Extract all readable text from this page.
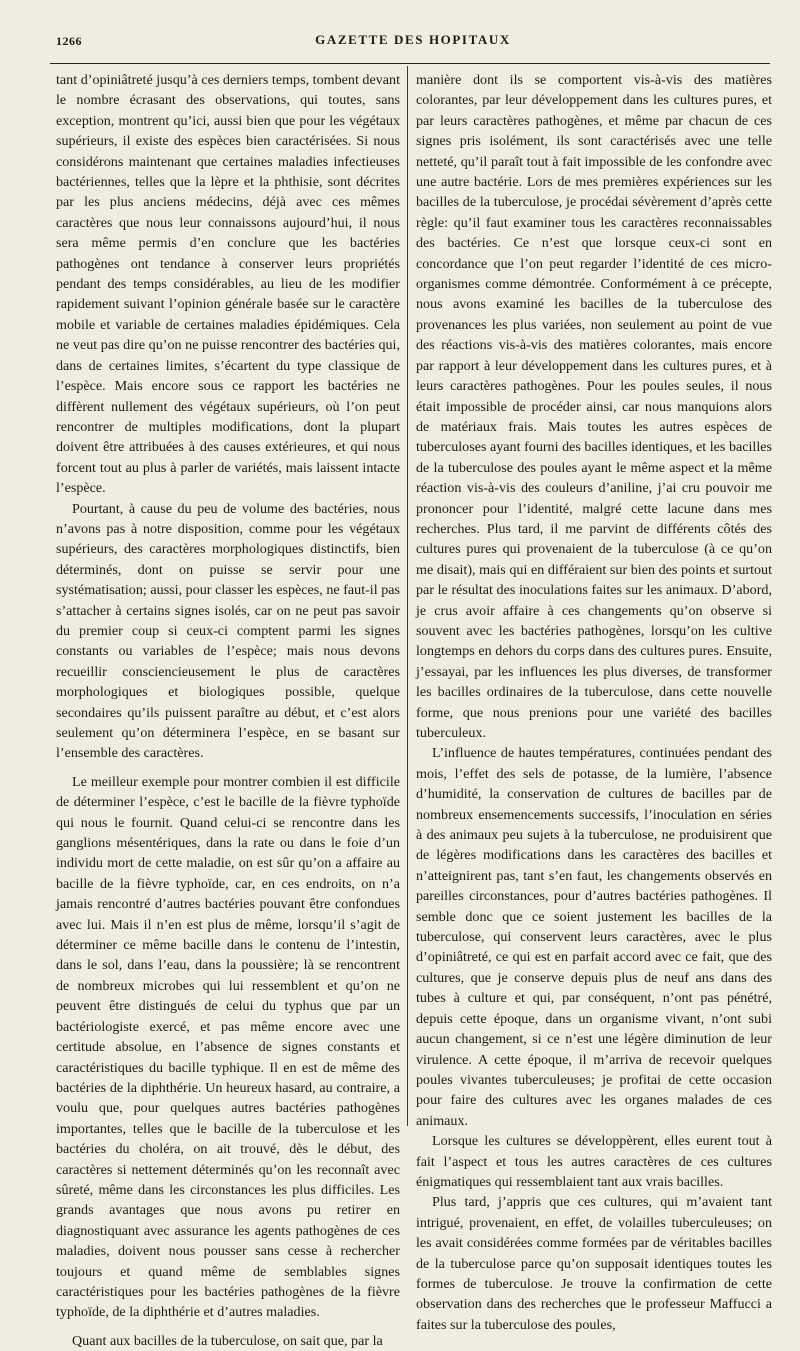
1266	GAZETTE DES HOPITAUX

tant d’opiniâtreté jusqu’à ces derniers temps, tombent devant le nombre écrasant des observations, qui toutes, sans exception, montrent qu’ici, aussi bien que pour les végétaux supérieurs, il existe des espèces bien caractérisées. Si nous considérons maintenant que certaines maladies infectieuses bactériennes, telles que la lèpre et la phthisie, sont décrites par les plus anciens médecins, déjà avec ces mêmes caractères que nous leur connaissons aujourd’hui, il nous sera même permis d’en conclure que les bactéries pathogènes ont tendance à conserver leurs propriétés pendant des temps considérables, au lieu de les modifier rapidement suivant l’opinion générale basée sur le caractère mobile et variable de certaines maladies épidémiques. Cela ne veut pas dire qu’on ne puisse rencontrer des bactéries qui, dans de certaines limites, s’écartent du type classique de l’espèce. Mais encore sous ce rapport les bactéries ne diffèrent nullement des végétaux supérieurs, où l’on peut rencontrer de multiples modifications, dont la plupart doivent être attribuées à des causes extérieures, et qui nous forcent tout au plus à parler de variétés, mais laissent intacte l’espèce.

Pourtant, à cause du peu de volume des bactéries, nous n’avons pas à notre disposition, comme pour les végétaux supérieurs, des caractères morphologiques distinctifs, bien déterminés, dont on puisse se servir pour une systématisation; aussi, pour classer les espèces, ne faut-il pas s’attacher à certains signes isolés, car on ne peut pas savoir du premier coup si ceux-ci comptent parmi les signes constants ou variables de l’espèce; mais nous devons recueillir consciencieusement le plus de caractères morphologiques et biologiques possible, quelque secondaires qu’ils puissent paraître au début, et c’est alors seulement qu’on déterminera l’espèce, en se basant sur l’ensemble des caractères.

Le meilleur exemple pour montrer combien il est difficile de déterminer l’espèce, c’est le bacille de la fièvre typhoïde qui nous le fournit. Quand celui-ci se rencontre dans les ganglions mésentériques, dans la rate ou dans le foie d’un individu mort de cette maladie, on est sûr qu’on a affaire au bacille de la fièvre typhoïde, car, en ces endroits, on n’a jamais rencontré d’autres bactéries pouvant être confondues avec lui. Mais il n’en est plus de même, lorsqu’il s’agit de déterminer ce même bacille dans le contenu de l’intestin, dans le sol, dans l’eau, dans la poussière; là se rencontrent de nombreux microbes qui lui ressemblent et qu’on ne peuvent être distingués de celui du typhus que par un bactériologiste exercé, et pas même encore avec une certitude absolue, en l’absence de signes constants et caractéristiques du bacille typhique. Il en est de même des bactéries de la diphthérie. Un heureux hasard, au contraire, a voulu que, pour quelques autres bactéries pathogènes importantes, telles que le bacille de la tuberculose et les bactéries du choléra, on ait trouvé, dès le début, des caractères si nettement déterminés qu’on les reconnaît avec sûreté, même dans les circonstances les plus difficiles. Les grands avantages que nous avons pu retirer en diagnostiquant avec assurance les agents pathogènes de ces maladies, doivent nous pousser sans cesse à rechercher toujours et quand même de semblables signes caractéristiques pour les bactéries pathogènes de la fièvre typhoïde, de la diphthérie et d’autres maladies.

Quant aux bacilles de la tuberculose, on sait que, par la

manière dont ils se comportent vis-à-vis des matières colorantes, par leur développement dans les cultures pures, et par leurs caractères pathogènes, et même par chacun de ces signes pris isolément, ils sont caractérisés avec une telle netteté, qu’il paraît tout à fait impossible de les confondre avec une autre bactérie. Lors de mes premières expériences sur les bacilles de la tuberculose, je procédai sévèrement d’après cette règle: qu’il faut examiner tous les caractères reconnaissables des bactéries. Ce n’est que lorsque ceux-ci sont en concordance que l’on peut regarder l’identité de ces micro-organismes comme démontrée. Conformément à ce précepte, nous avons examiné les bacilles de la tuberculose des provenances les plus variées, non seulement au point de vue des réactions vis-à-vis des matières colorantes, mais encore par rapport à leur développement dans les cultures pures, et à leurs caractères pathogènes. Pour les poules seules, il nous était impossible de procéder ainsi, car nous manquions alors de matériaux frais. Mais toutes les autres espèces de tuberculoses ayant fourni des bacilles identiques, et les bacilles de la tuberculose des poules ayant le même aspect et la même réaction vis-à-vis des couleurs d’aniline, j’ai cru pouvoir me prononcer pour l’identité, malgré cette lacune dans mes recherches. Plus tard, il me parvint de différents côtés des cultures pures qui provenaient de la tuberculose (à ce qu’on me disait), mais qui en différaient sur bien des points et surtout par le résultat des inoculations faites sur les animaux. D’abord, je crus avoir affaire à ces changements qu’on observe si souvent avec les bactéries pathogènes, lorsqu’on les cultive longtemps en dehors du corps dans des cultures pures. Ensuite, j’essayai, par les influences les plus diverses, de transformer les bacilles ordinaires de la tuberculose, dans cette nouvelle forme, que nous prenions pour une variété des bacilles tuberculeux.

L’influence de hautes températures, continuées pendant des mois, l’effet des sels de potasse, de la lumière, l’absence d’humidité, la conservation de cultures de bacilles par de nombreux ensemencements successifs, l’inoculation en séries à des animaux peu sujets à la tuberculose, ne produisirent que de légères modifications dans les caractères des bacilles et n’atteignirent pas, tant s’en faut, les changements observés en pareilles circonstances, pour d’autres bactéries pathogènes. Il semble donc que ce soient justement les bacilles de la tuberculose, qui conservent leurs caractères, avec le plus d’opiniâtreté, ce qui est en parfait accord avec ce fait, que des cultures, que je conserve depuis plus de neuf ans dans des tubes à culture et qui, par conséquent, n’ont pas pénétré, depuis cette époque, dans un organisme vivant, n’ont subi aucun changement, si ce n’est une légère diminution de leur virulence. A cette époque, il m’arriva de recevoir quelques poules vivantes tuberculeuses; je profitai de cette occasion pour faire des cultures avec les organes malades de ces animaux.

Lorsque les cultures se développèrent, elles eurent tout à fait l’aspect et tous les autres caractères de ces cultures énigmatiques qui ressemblaient tant aux vrais bacilles.

Plus tard, j’appris que ces cultures, qui m’avaient tant intrigué, provenaient, en effet, de volailles tuberculeuses; on les avait considérées comme formées par de véritables bacilles de la tuberculose parce qu’on supposait identiques toutes les formes de tuberculose. Je trouve la confirmation de cette observation dans des recherches que le professeur Maffucci a faites sur la tuberculose des poules,
